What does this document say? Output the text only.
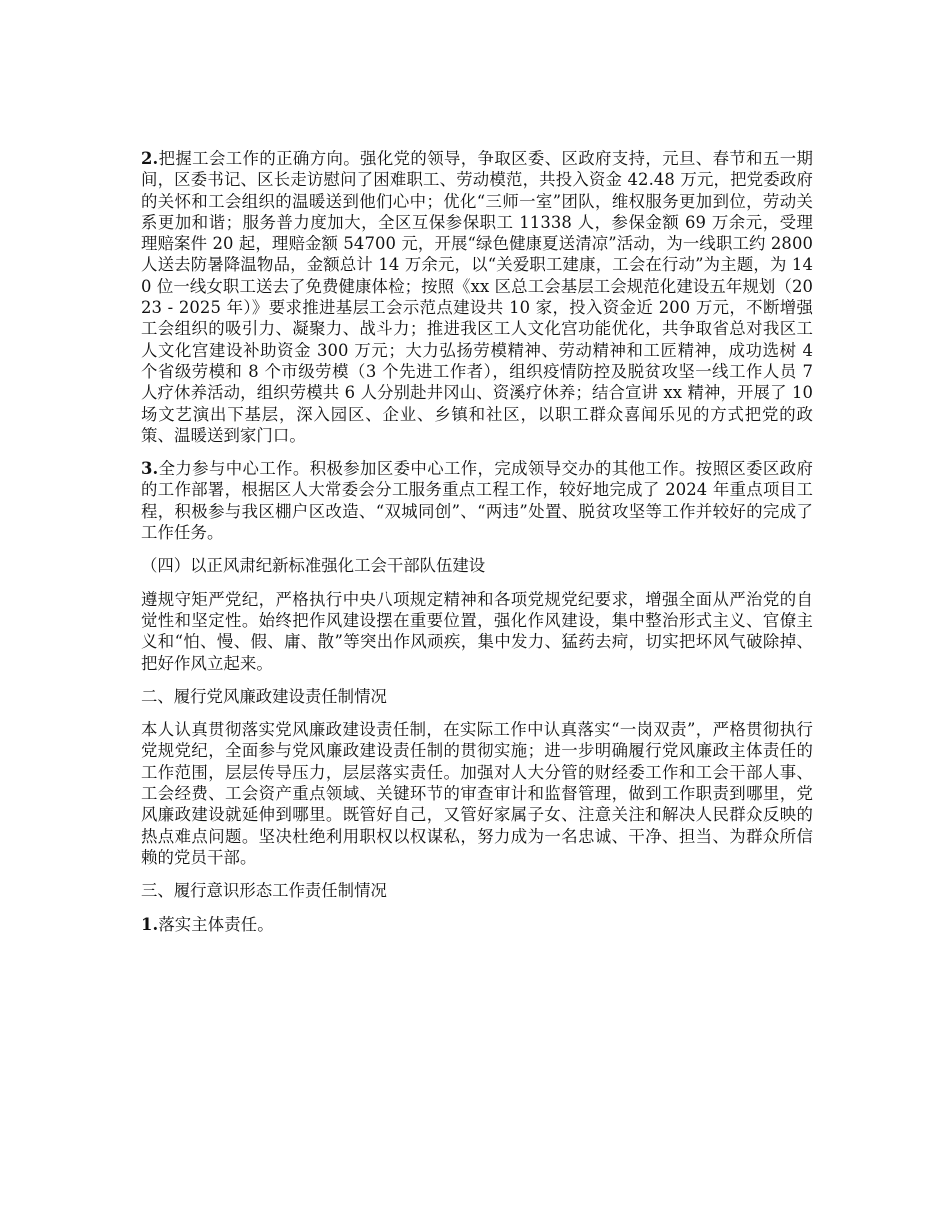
2.把握工会工作的正确方向。强化党的领导，争取区委、区政府支持，元旦、春节和五一期间，区委书记、区长走访慰问了困难职工、劳动模范，共投入资金 42.48 万元，把党委政府的关怀和工会组织的温暖送到他们心中；优化“三师一室”团队，维权服务更加到位，劳动关系更加和谐；服务普力度加大，全区互保参保职工 11338 人，参保金额 69 万余元，受理理赔案件 20 起，理赔金额 54700 元，开展“绿色健康夏送清凉”活动，为一线职工约 2800 人送去防暑降温物品，金额总计 14 万余元，以“关爱职工建康，工会在行动”为主题，为 140 位一线女职工送去了免费健康体检；按照《xx 区总工会基层工会规范化建设五年规划（2023 - 2025 年）》要求推进基层工会示范点建设共 10 家，投入资金近 200 万元，不断增强工会组织的吸引力、凝聚力、战斗力；推进我区工人文化宫功能优化，共争取省总对我区工人文化宫建设补助资金 300 万元；大力弘扬劳模精神、劳动精神和工匠精神，成功选树 4 个省级劳模和 8 个市级劳模（3 个先进工作者），组织疫情防控及脱贫攻坚一线工作人员 7 人疗休养活动，组织劳模共 6 人分别赴井冈山、资溪疗休养；结合宣讲 xx 精神，开展了 10 场文艺演出下基层，深入园区、企业、乡镇和社区，以职工群众喜闻乐见的方式把党的政策、温暖送到家门口。

3.全力参与中心工作。积极参加区委中心工作，完成领导交办的其他工作。按照区委区政府的工作部署，根据区人大常委会分工服务重点工程工作，较好地完成了 2024 年重点项目工程，积极参与我区棚户区改造、“双城同创”、“两违”处置、脱贫攻坚等工作并较好的完成了工作任务。

（四）以正风肃纪新标准强化工会干部队伍建设

遵规守矩严党纪，严格执行中央八项规定精神和各项党规党纪要求，增强全面从严治党的自觉性和坚定性。始终把作风建设摆在重要位置，强化作风建设，集中整治形式主义、官僚主义和“怕、慢、假、庸、散”等突出作风顽疾，集中发力、猛药去疴，切实把坏风气破除掉、把好作风立起来。

二、履行党风廉政建设责任制情况

本人认真贯彻落实党风廉政建设责任制，在实际工作中认真落实“一岗双责”，严格贯彻执行党规党纪，全面参与党风廉政建设责任制的贯彻实施；进一步明确履行党风廉政主体责任的工作范围，层层传导压力，层层落实责任。加强对人大分管的财经委工作和工会干部人事、工会经费、工会资产重点领域、关键环节的审查审计和监督管理，做到工作职责到哪里，党风廉政建设就延伸到哪里。既管好自己，又管好家属子女、注意关注和解决人民群众反映的热点难点问题。坚决杜绝利用职权以权谋私，努力成为一名忠诚、干净、担当、为群众所信赖的党员干部。

三、履行意识形态工作责任制情况

1.落实主体责任。
